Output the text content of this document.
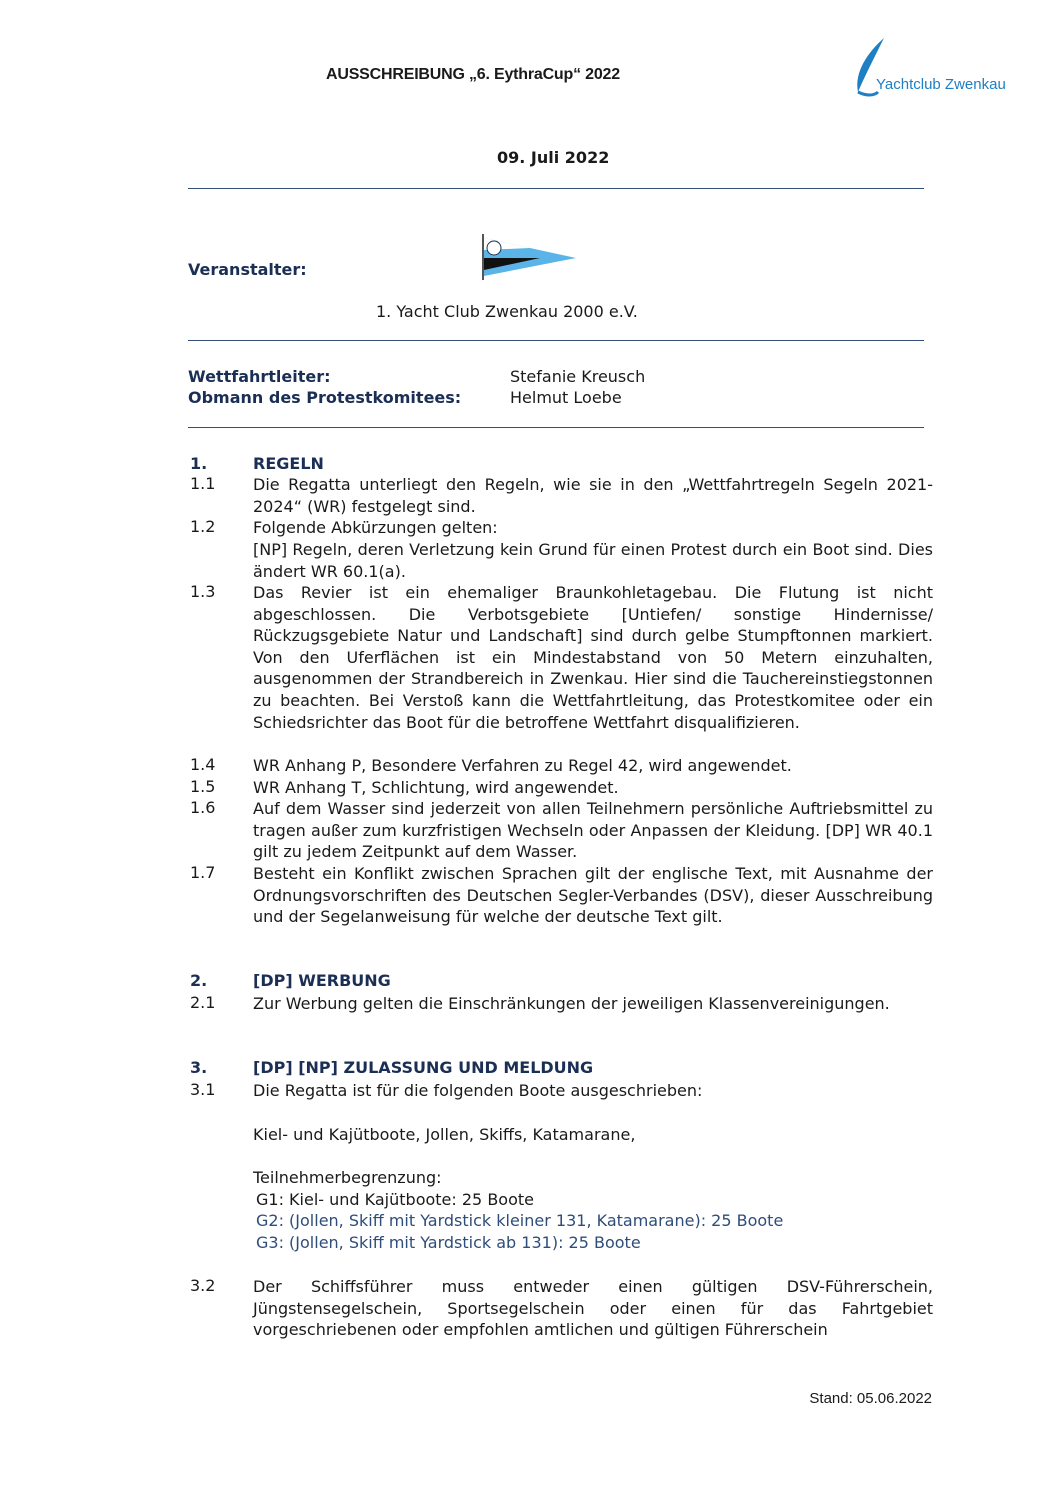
AUSSCHREIBUNG „6. EythraCup“ 2022
Yachtclub Zwenkau
09. Juli 2022
Veranstalter:
1. Yacht Club Zwenkau 2000 e.V.
Wettfahrtleiter:	Stefanie Kreusch
Obmann des Protestkomitees:	Helmut Loebe
1.	REGELN
1.1 Die Regatta unterliegt den Regeln, wie sie in den „Wettfahrtregeln Segeln 2021-2024“ (WR) festgelegt sind.
1.2 Folgende Abkürzungen gelten:
[NP] Regeln, deren Verletzung kein Grund für einen Protest durch ein Boot sind. Dies ändert WR 60.1(a).
1.3 Das Revier ist ein ehemaliger Braunkohletagebau. Die Flutung ist nicht abgeschlossen. Die Verbotsgebiete [Untiefen/ sonstige Hindernisse/ Rückzugsgebiete Natur und Landschaft] sind durch gelbe Stumpftonnen markiert. Von den Uferflächen ist ein Mindestabstand von 50 Metern einzuhalten, ausgenommen der Strandbereich in Zwenkau. Hier sind die Tauchereinstiegstonnen zu beachten. Bei Verstoß kann die Wettfahrtleitung, das Protestkomitee oder ein Schiedsrichter das Boot für die betroffene Wettfahrt disqualifizieren.
1.4 WR Anhang P, Besondere Verfahren zu Regel 42, wird angewendet.
1.5 WR Anhang T, Schlichtung, wird angewendet.
1.6 Auf dem Wasser sind jederzeit von allen Teilnehmern persönliche Auftriebsmittel zu tragen außer zum kurzfristigen Wechseln oder Anpassen der Kleidung. [DP] WR 40.1 gilt zu jedem Zeitpunkt auf dem Wasser.
1.7 Besteht ein Konflikt zwischen Sprachen gilt der englische Text, mit Ausnahme der Ordnungsvorschriften des Deutschen Segler-Verbandes (DSV), dieser Ausschreibung und der Segelanweisung für welche der deutsche Text gilt.
2.	[DP] WERBUNG
2.1 Zur Werbung gelten die Einschränkungen der jeweiligen Klassenvereinigungen.
3.	[DP] [NP] ZULASSUNG UND MELDUNG
3.1 Die Regatta ist für die folgenden Boote ausgeschrieben:
Kiel- und Kajütboote, Jollen, Skiffs, Katamarane,
Teilnehmerbegrenzung:
G1: Kiel- und Kajütboote: 25 Boote
G2: (Jollen, Skiff mit Yardstick kleiner 131, Katamarane): 25 Boote
G3: (Jollen, Skiff mit Yardstick ab 131): 25 Boote
3.2 Der Schiffsführer muss entweder einen gültigen DSV-Führerschein, Jüngstensegelschein, Sportsegelschein oder einen für das Fahrtgebiet vorgeschriebenen oder empfohlen amtlichen und gültigen Führerschein
Stand: 05.06.2022
